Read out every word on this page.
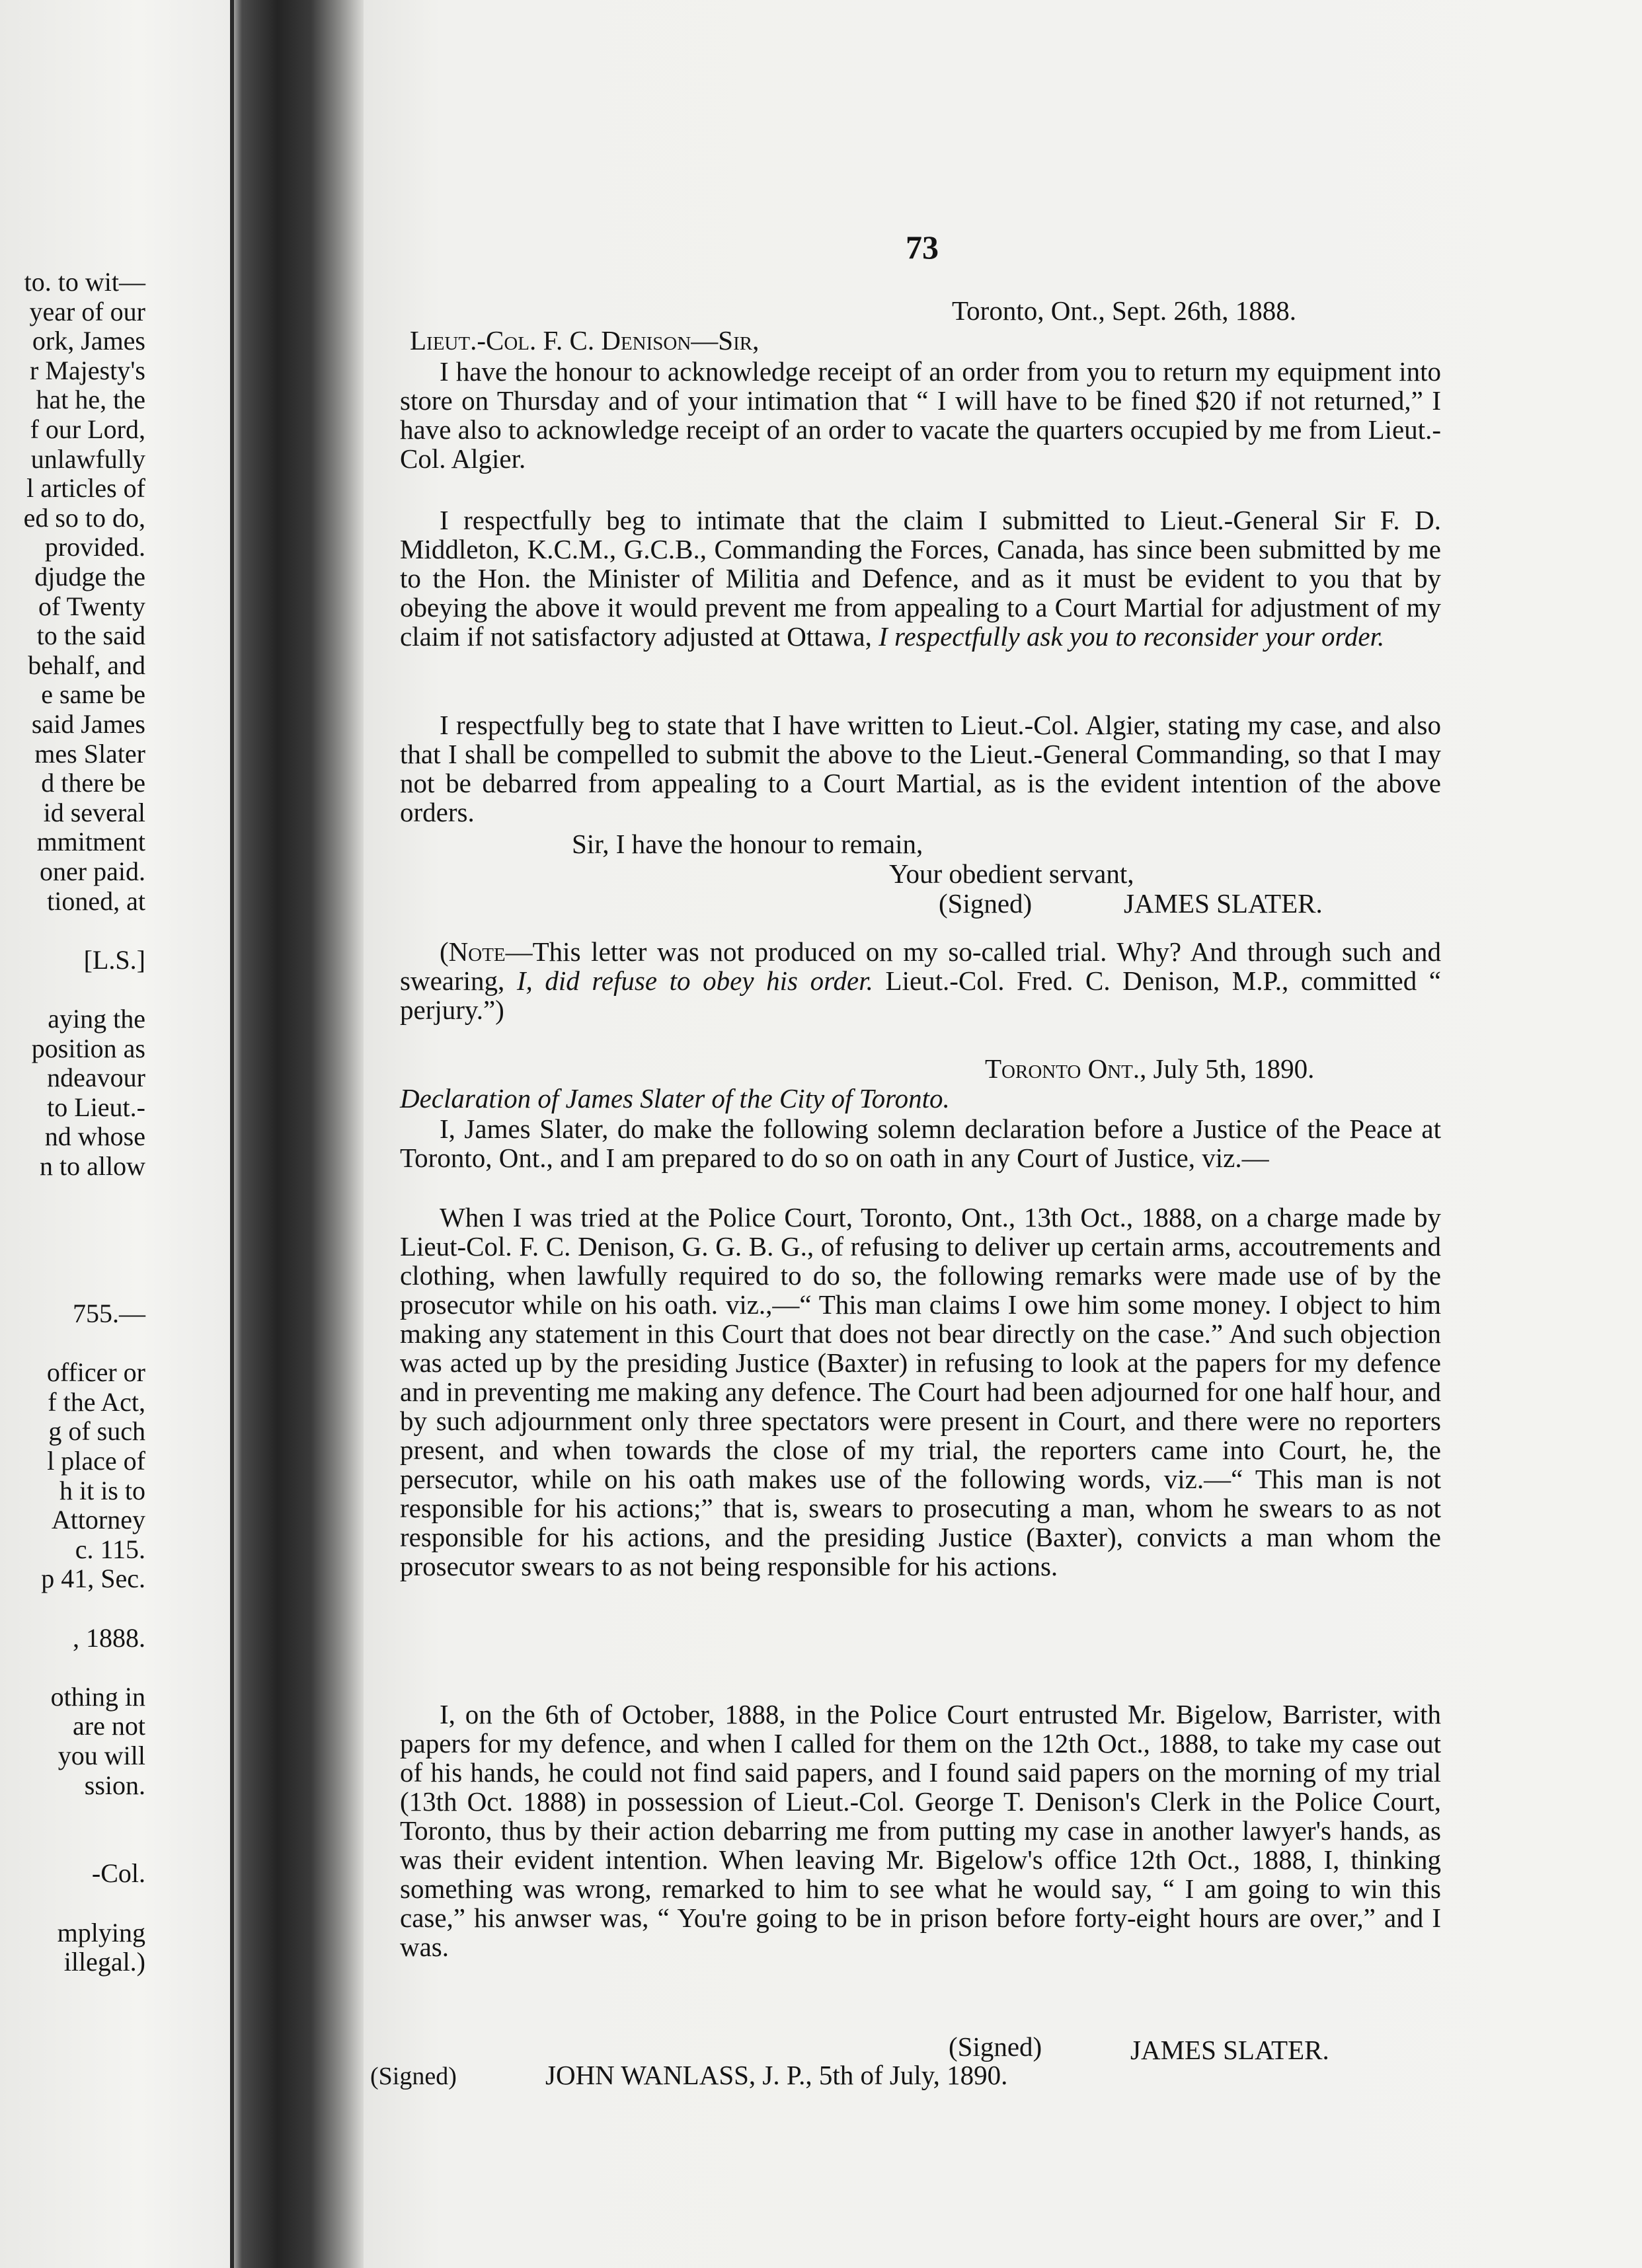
to. to wit—
year of our
ork, James
r Majesty's
hat he, the
f our Lord,
unlawfully
l articles of
ed so to do,
provided.
djudge the
of Twenty
to the said
behalf, and
e same be
said James
mes Slater
d there be
id several
mmitment
oner paid.
tioned, at
[L.S.]
aying the
position as
ndeavour
to Lieut.-
nd whose
n to allow
755.—
officer or
f the Act,
g of such
l place of
h it is to
Attorney
c. 115.
p 41, Sec.
, 1888.
othing in
are not
you will
ssion.
-Col.
mplying
illegal.)
73
Toronto, Ont., Sept. 26th, 1888.
Lieut.-Col. F. C. Denison—Sir,
I have the honour to acknowledge receipt of an order from you to return my equipment into store on Thursday and of your intimation that “ I will have to be fined $20 if not returned,” I have also to acknowledge receipt of an order to vacate the quarters occupied by me from Lieut.-Col. Algier.
I respectfully beg to intimate that the claim I submitted to Lieut.-General Sir F. D. Middleton, K.C.M., G.C.B., Commanding the Forces, Canada, has since been submitted by me to the Hon. the Minister of Militia and Defence, and as it must be evident to you that by obeying the above it would prevent me from appealing to a Court Martial for adjustment of my claim if not satisfactory adjusted at Ottawa, I respectfully ask you to reconsider your order.
I respectfully beg to state that I have written to Lieut.-Col. Algier, stating my case, and also that I shall be compelled to submit the above to the Lieut.-General Commanding, so that I may not be debarred from appealing to a Court Martial, as is the evident intention of the above orders.
Sir, I have the honour to remain,
Your obedient servant,
(Signed)	JAMES SLATER.
(Note—This letter was not produced on my so-called trial. Why? And through such and swearing, I, did refuse to obey his order. Lieut.-Col. Fred. C. Denison, M.P., committed “ perjury.”)
Toronto Ont., July 5th, 1890.
Declaration of James Slater of the City of Toronto.
I, James Slater, do make the following solemn declaration before a Justice of the Peace at Toronto, Ont., and I am prepared to do so on oath in any Court of Justice, viz.—
When I was tried at the Police Court, Toronto, Ont., 13th Oct., 1888, on a charge made by Lieut-Col. F. C. Denison, G. G. B. G., of refusing to deliver up certain arms, accoutrements and clothing, when lawfully required to do so, the following remarks were made use of by the prosecutor while on his oath. viz.,—“ This man claims I owe him some money. I object to him making any statement in this Court that does not bear directly on the case.” And such objection was acted up by the presiding Justice (Baxter) in refusing to look at the papers for my defence and in preventing me making any defence. The Court had been adjourned for one half hour, and by such adjournment only three spectators were present in Court, and there were no reporters present, and when towards the close of my trial, the reporters came into Court, he, the persecutor, while on his oath makes use of the following words, viz.—“ This man is not responsible for his actions;” that is, swears to prosecuting a man, whom he swears to as not responsible for his actions, and the presiding Justice (Baxter), convicts a man whom the prosecutor swears to as not being responsible for his actions.
I, on the 6th of October, 1888, in the Police Court entrusted Mr. Bigelow, Barrister, with papers for my defence, and when I called for them on the 12th Oct., 1888, to take my case out of his hands, he could not find said papers, and I found said papers on the morning of my trial (13th Oct. 1888) in possession of Lieut.-Col. George T. Denison's Clerk in the Police Court, Toronto, thus by their action debarring me from putting my case in another lawyer's hands, as was their evident intention. When leaving Mr. Bigelow's office 12th Oct., 1888, I, thinking something was wrong, remarked to him to see what he would say, “ I am going to win this case,” his anwser was, “ You're going to be in prison before forty-eight hours are over,” and I was.
(Signed)	JAMES SLATER.
(Signed)	JOHN WANLASS, J. P., 5th of July, 1890.
